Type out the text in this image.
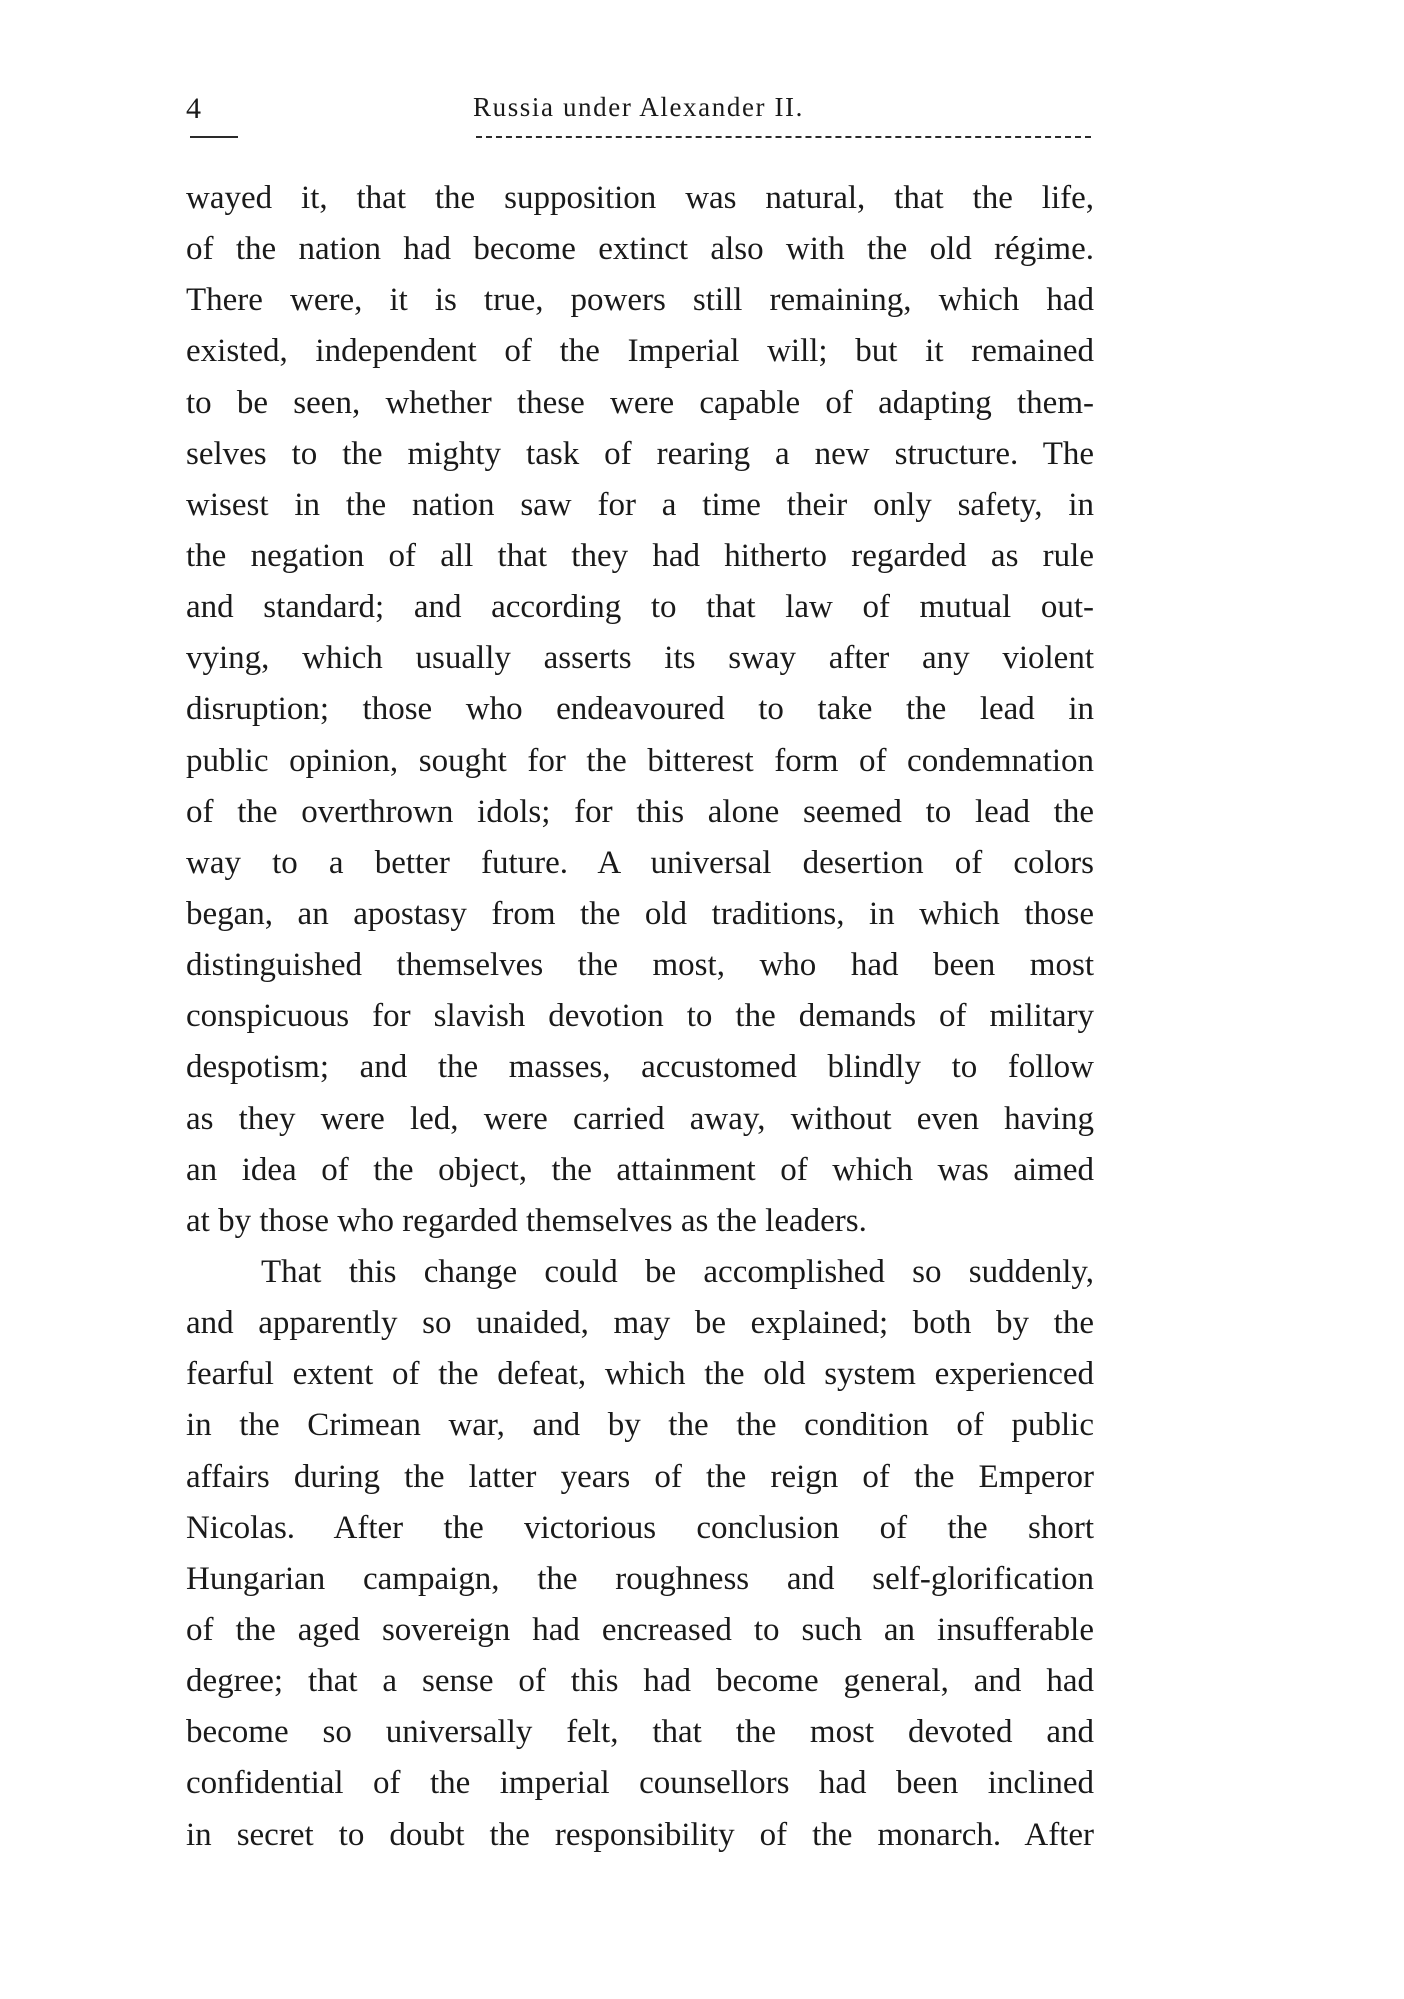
4	Russia under Alexander II.
wayed it, that the supposition was natural, that the life,
of the nation had become extinct also with the old régime.
There were, it is true, powers still remaining, which had
existed, independent of the Imperial will; but it remained
to be seen, whether these were capable of adapting them-
selves to the mighty task of rearing a new structure. The
wisest in the nation saw for a time their only safety, in
the negation of all that they had hitherto regarded as rule
and standard; and according to that law of mutual out-
vying, which usually asserts its sway after any violent
disruption; those who endeavoured to take the lead in
public opinion, sought for the bitterest form of condemnation
of the overthrown idols; for this alone seemed to lead the
way to a better future. A universal desertion of colors
began, an apostasy from the old traditions, in which those
distinguished themselves the most, who had been most
conspicuous for slavish devotion to the demands of military
despotism; and the masses, accustomed blindly to follow
as they were led, were carried away, without even having
an idea of the object, the attainment of which was aimed
at by those who regarded themselves as the leaders.
That this change could be accomplished so suddenly,
and apparently so unaided, may be explained; both by the
fearful extent of the defeat, which the old system experienced
in the Crimean war, and by the the condition of public
affairs during the latter years of the reign of the Emperor
Nicolas. After the victorious conclusion of the short
Hungarian campaign, the roughness and self-glorification
of the aged sovereign had encreased to such an insufferable
degree; that a sense of this had become general, and had
become so universally felt, that the most devoted and
confidential of the imperial counsellors had been inclined
in secret to doubt the responsibility of the monarch. After
